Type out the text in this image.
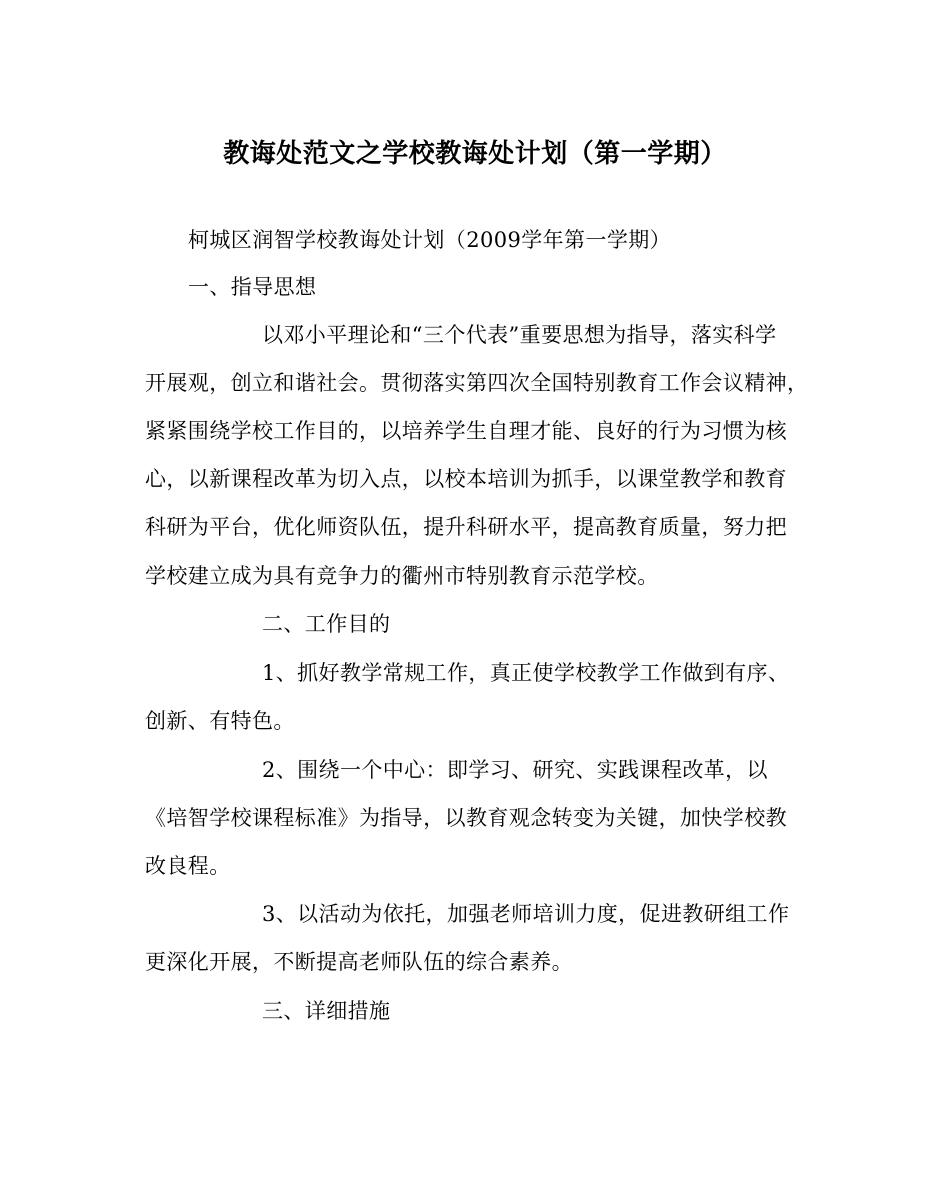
教诲处范文之学校教诲处计划（第一学期）
柯城区润智学校教诲处计划（2009学年第一学期）
一、指导思想
以邓小平理论和“三个代表”重要思想为指导，落实科学
开展观，创立和谐社会。贯彻落实第四次全国特别教育工作会议精神，
紧紧围绕学校工作目的，以培养学生自理才能、良好的行为习惯为核
心，以新课程改革为切入点，以校本培训为抓手，以课堂教学和教育
科研为平台，优化师资队伍，提升科研水平，提高教育质量，努力把
学校建立成为具有竞争力的衢州市特别教育示范学校。
二、工作目的
1、抓好教学常规工作，真正使学校教学工作做到有序、
创新、有特色。
2、围绕一个中心：即学习、研究、实践课程改革，以
《培智学校课程标准》为指导，以教育观念转变为关键，加快学校教
改良程。
3、以活动为依托，加强老师培训力度，促进教研组工作
更深化开展，不断提高老师队伍的综合素养。
三、详细措施
